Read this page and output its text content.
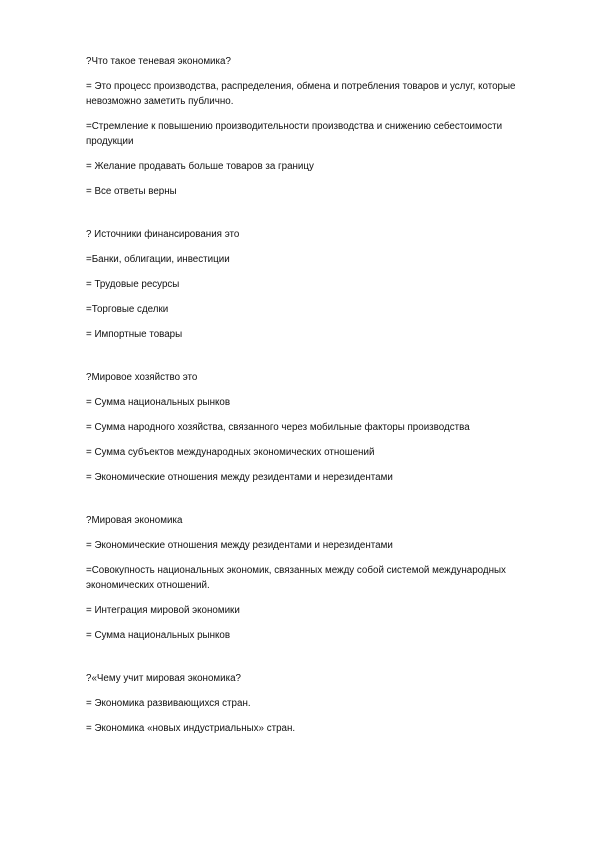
?Что такое теневая экономика?
= Это процесс производства, распределения, обмена и потребления товаров и услуг, которые невозможно заметить публично.
=Стремление к повышению производительности производства и снижению себестоимости продукции
= Желание продавать больше товаров за границу
= Все ответы верны
? Источники финансирования это
=Банки, облигации, инвестиции
= Трудовые ресурсы
=Торговые сделки
= Импортные товары
?Мировое хозяйство это
= Сумма национальных рынков
= Сумма народного хозяйства, связанного через мобильные факторы производства
= Сумма субъектов международных экономических отношений
= Экономические отношения между резидентами и нерезидентами
?Мировая экономика
= Экономические отношения между резидентами и нерезидентами
=Совокупность национальных экономик, связанных между собой системой международных экономических отношений.
= Интеграция мировой экономики
= Сумма национальных рынков
?«Чему учит мировая экономика?
= Экономика развивающихся стран.
= Экономика «новых индустриальных» стран.
